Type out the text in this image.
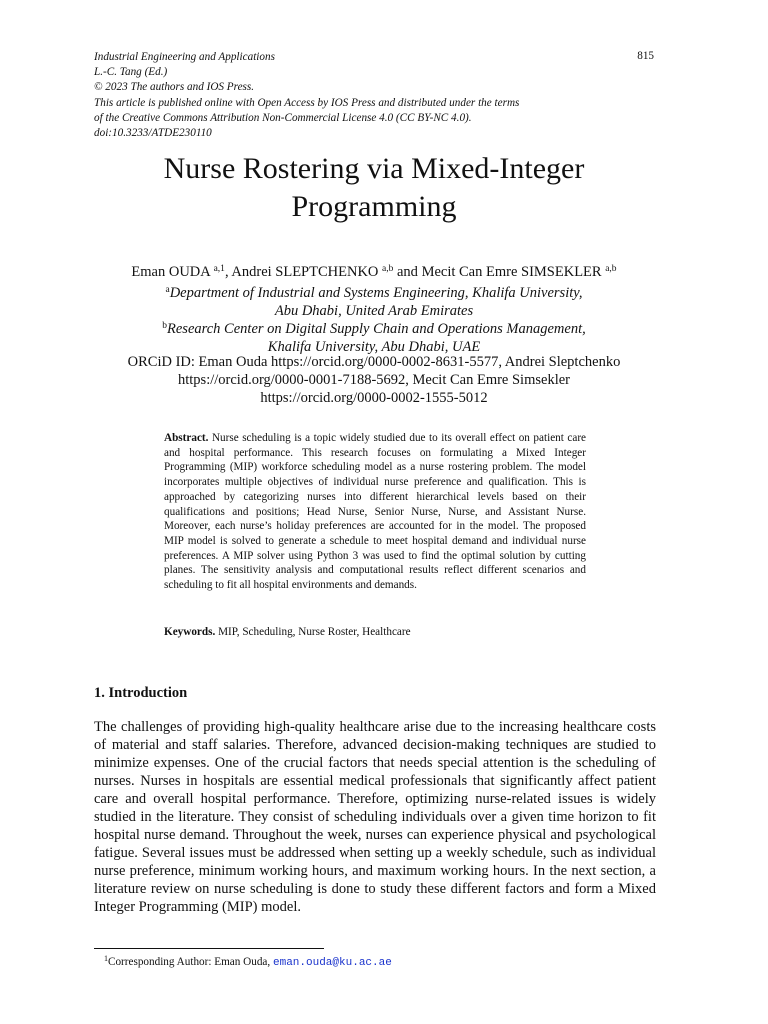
Industrial Engineering and Applications
L.-C. Tang (Ed.)
© 2023 The authors and IOS Press.
This article is published online with Open Access by IOS Press and distributed under the terms
of the Creative Commons Attribution Non-Commercial License 4.0 (CC BY-NC 4.0).
doi:10.3233/ATDE230110
815
Nurse Rostering via Mixed-Integer
Programming
Eman OUDA $^{a,1}$, Andrei SLEPTCHENKO $^{a,b}$ and Mecit Can Emre SIMSEKLER $^{a,b}$
$^a$Department of Industrial and Systems Engineering, Khalifa University,
Abu Dhabi, United Arab Emirates
$^b$Research Center on Digital Supply Chain and Operations Management,
Khalifa University, Abu Dhabi, UAE
ORCiD ID: Eman Ouda https://orcid.org/0000-0002-8631-5577, Andrei Sleptchenko
https://orcid.org/0000-0001-7188-5692, Mecit Can Emre Simsekler
https://orcid.org/0000-0002-1555-5012
Abstract. Nurse scheduling is a topic widely studied due to its overall effect on patient care and hospital performance. This research focuses on formulating a Mixed Integer Programming (MIP) workforce scheduling model as a nurse rostering problem. The model incorporates multiple objectives of individual nurse preference and qualification. This is approached by categorizing nurses into different hierarchical levels based on their qualifications and positions; Head Nurse, Senior Nurse, Nurse, and Assistant Nurse. Moreover, each nurse’s holiday preferences are accounted for in the model. The proposed MIP model is solved to generate a schedule to meet hospital demand and individual nurse preferences. A MIP solver using Python 3 was used to find the optimal solution by cutting planes. The sensitivity analysis and computational results reflect different scenarios and scheduling to fit all hospital environments and demands.
Keywords. MIP, Scheduling, Nurse Roster, Healthcare
1. Introduction
The challenges of providing high-quality healthcare arise due to the increasing healthcare costs of material and staff salaries. Therefore, advanced decision-making techniques are studied to minimize expenses. One of the crucial factors that needs special attention is the scheduling of nurses. Nurses in hospitals are essential medical professionals that significantly affect patient care and overall hospital performance. Therefore, optimizing nurse-related issues is widely studied in the literature. They consist of scheduling individuals over a given time horizon to fit hospital nurse demand. Throughout the week, nurses can experience physical and psychological fatigue. Several issues must be addressed when setting up a weekly schedule, such as individual nurse preference, minimum working hours, and maximum working hours. In the next section, a literature review on nurse scheduling is done to study these different factors and form a Mixed Integer Programming (MIP) model.
$^1$Corresponding Author: Eman Ouda, eman.ouda@ku.ac.ae
